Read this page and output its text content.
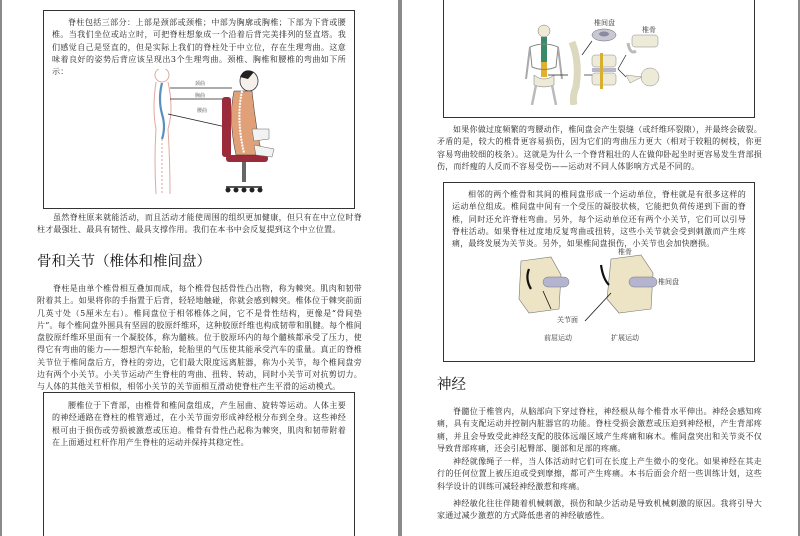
脊柱包括三部分：上部是颈部或颈椎；中部为胸廓或胸椎；下部为下背或腰椎。当我们坐位或站立时，可把脊柱想象成一个沿着后背完美排列的竖直塔。我们感觉自己是竖直的，但是实际上我们的脊柱处于中立位，存在生理弯曲。这意味着良好的姿势后背应该呈现出3个生理弯曲。颈椎、胸椎和腰椎的弯曲如下所示：

颈曲
胸曲
腰曲

虽然脊柱原来就能活动，而且活动才能使周围的组织更加健康，但只有在中立位时脊柱才最强壮、最具有韧性、最具支撑作用。我们在本书中会反复提到这个中立位置。

骨和关节（椎体和椎间盘）

脊柱是由单个椎骨相互叠加而成，每个椎骨包括骨性凸出物，称为棘突。肌肉和韧带附着其上。如果将你的手指置于后背，轻轻地触碰，你就会感到棘突。椎体位于棘突前面几英寸处（5厘米左右）。椎间盘位于相邻椎体之间，它不是骨性结构，更像是“骨间垫片”。每个椎间盘外围具有坚固的胶原纤维环，这种胶原纤维也构成韧带和肌腱。每个椎间盘胶原纤维环里面有一个凝胶体，称为髓核。位于胶原环内的每个髓核都承受了压力，使得它有弯曲的能力——想想汽车轮胎，轮胎里的气压使其能承受汽车的重量。真正的脊椎关节位于椎间盘后方，脊柱的旁边，它们最大限度远离脏器，称为小关节，每个椎间盘旁边有两个小关节。小关节运动产生脊柱的弯曲、扭转、转动，同时小关节可对抗剪切力。与人体的其他关节相似，相邻小关节的关节面相互滑动使脊柱产生平滑的运动模式。

腰椎位于下背部，由椎骨和椎间盘组成，产生屈曲、旋转等运动。人体主要的神经通路在脊柱的椎管通过，在小关节面旁形成神经根分布到全身。这些神经根可由于损伤或劳损被激惹或压迫。椎骨有骨性凸起称为棘突，肌肉和韧带附着在上面通过杠杆作用产生脊柱的运动并保持其稳定性。

椎间盘
椎骨

如果你做过度频繁的弯腰动作，椎间盘会产生裂缝（或纤维环裂隙），并最终会破裂。矛盾的是，较大的椎骨更容易损伤，因为它们的弯曲压力更大（相对于较粗的树枝，你更容易弯曲较细的枝条）。这就是为什么一个脊背粗壮的人在做仰卧起坐时更容易发生背部损伤，而纤瘦的人反而不容易受伤——运动对不同人体影响方式是不同的。

相邻的两个椎骨和其间的椎间盘形成一个运动单位，脊柱就是有很多这样的运动单位组成。椎间盘中间有一个受压的凝胶状核，它能把负荷传递到下面的脊椎，同时还允许脊柱弯曲。另外，每个运动单位还有两个小关节，它们可以引导脊柱活动。如果脊柱过度地反复弯曲或扭转，这些小关节就会受到刺激而产生疼痛，最终发展为关节炎。另外，如果椎间盘损伤，小关节也会加快磨损。

椎骨
椎间盘
关节面
前屈运动	扩展运动
神经

脊髓位于椎管内，从脑部向下穿过脊柱，神经根从每个椎骨水平伸出。神经会感知疼痛，具有支配运动并控制内脏器官的功能。脊柱受损会激惹或压迫到神经根，产生背部疼痛，并且会导致受此神经支配的肢体远端区域产生疼痛和麻木。椎间盘突出和关节炎不仅导致背部疼痛，还会引起臀部、腿部和足部的疼痛。

神经就像绳子一样，当人体活动时它们可在长度上产生微小的变化。如果神经在其走行的任何位置上被压迫或受到摩擦，都可产生疼痛。本书后面会介绍一些训练计划，这些科学设计的训练可减轻神经激惹和疼痛。

神经敏化往往伴随着机械刺激，损伤和缺少活动是导致机械刺激的原因。我将引导大家通过减少激惹的方式降低患者的神经敏感性。
